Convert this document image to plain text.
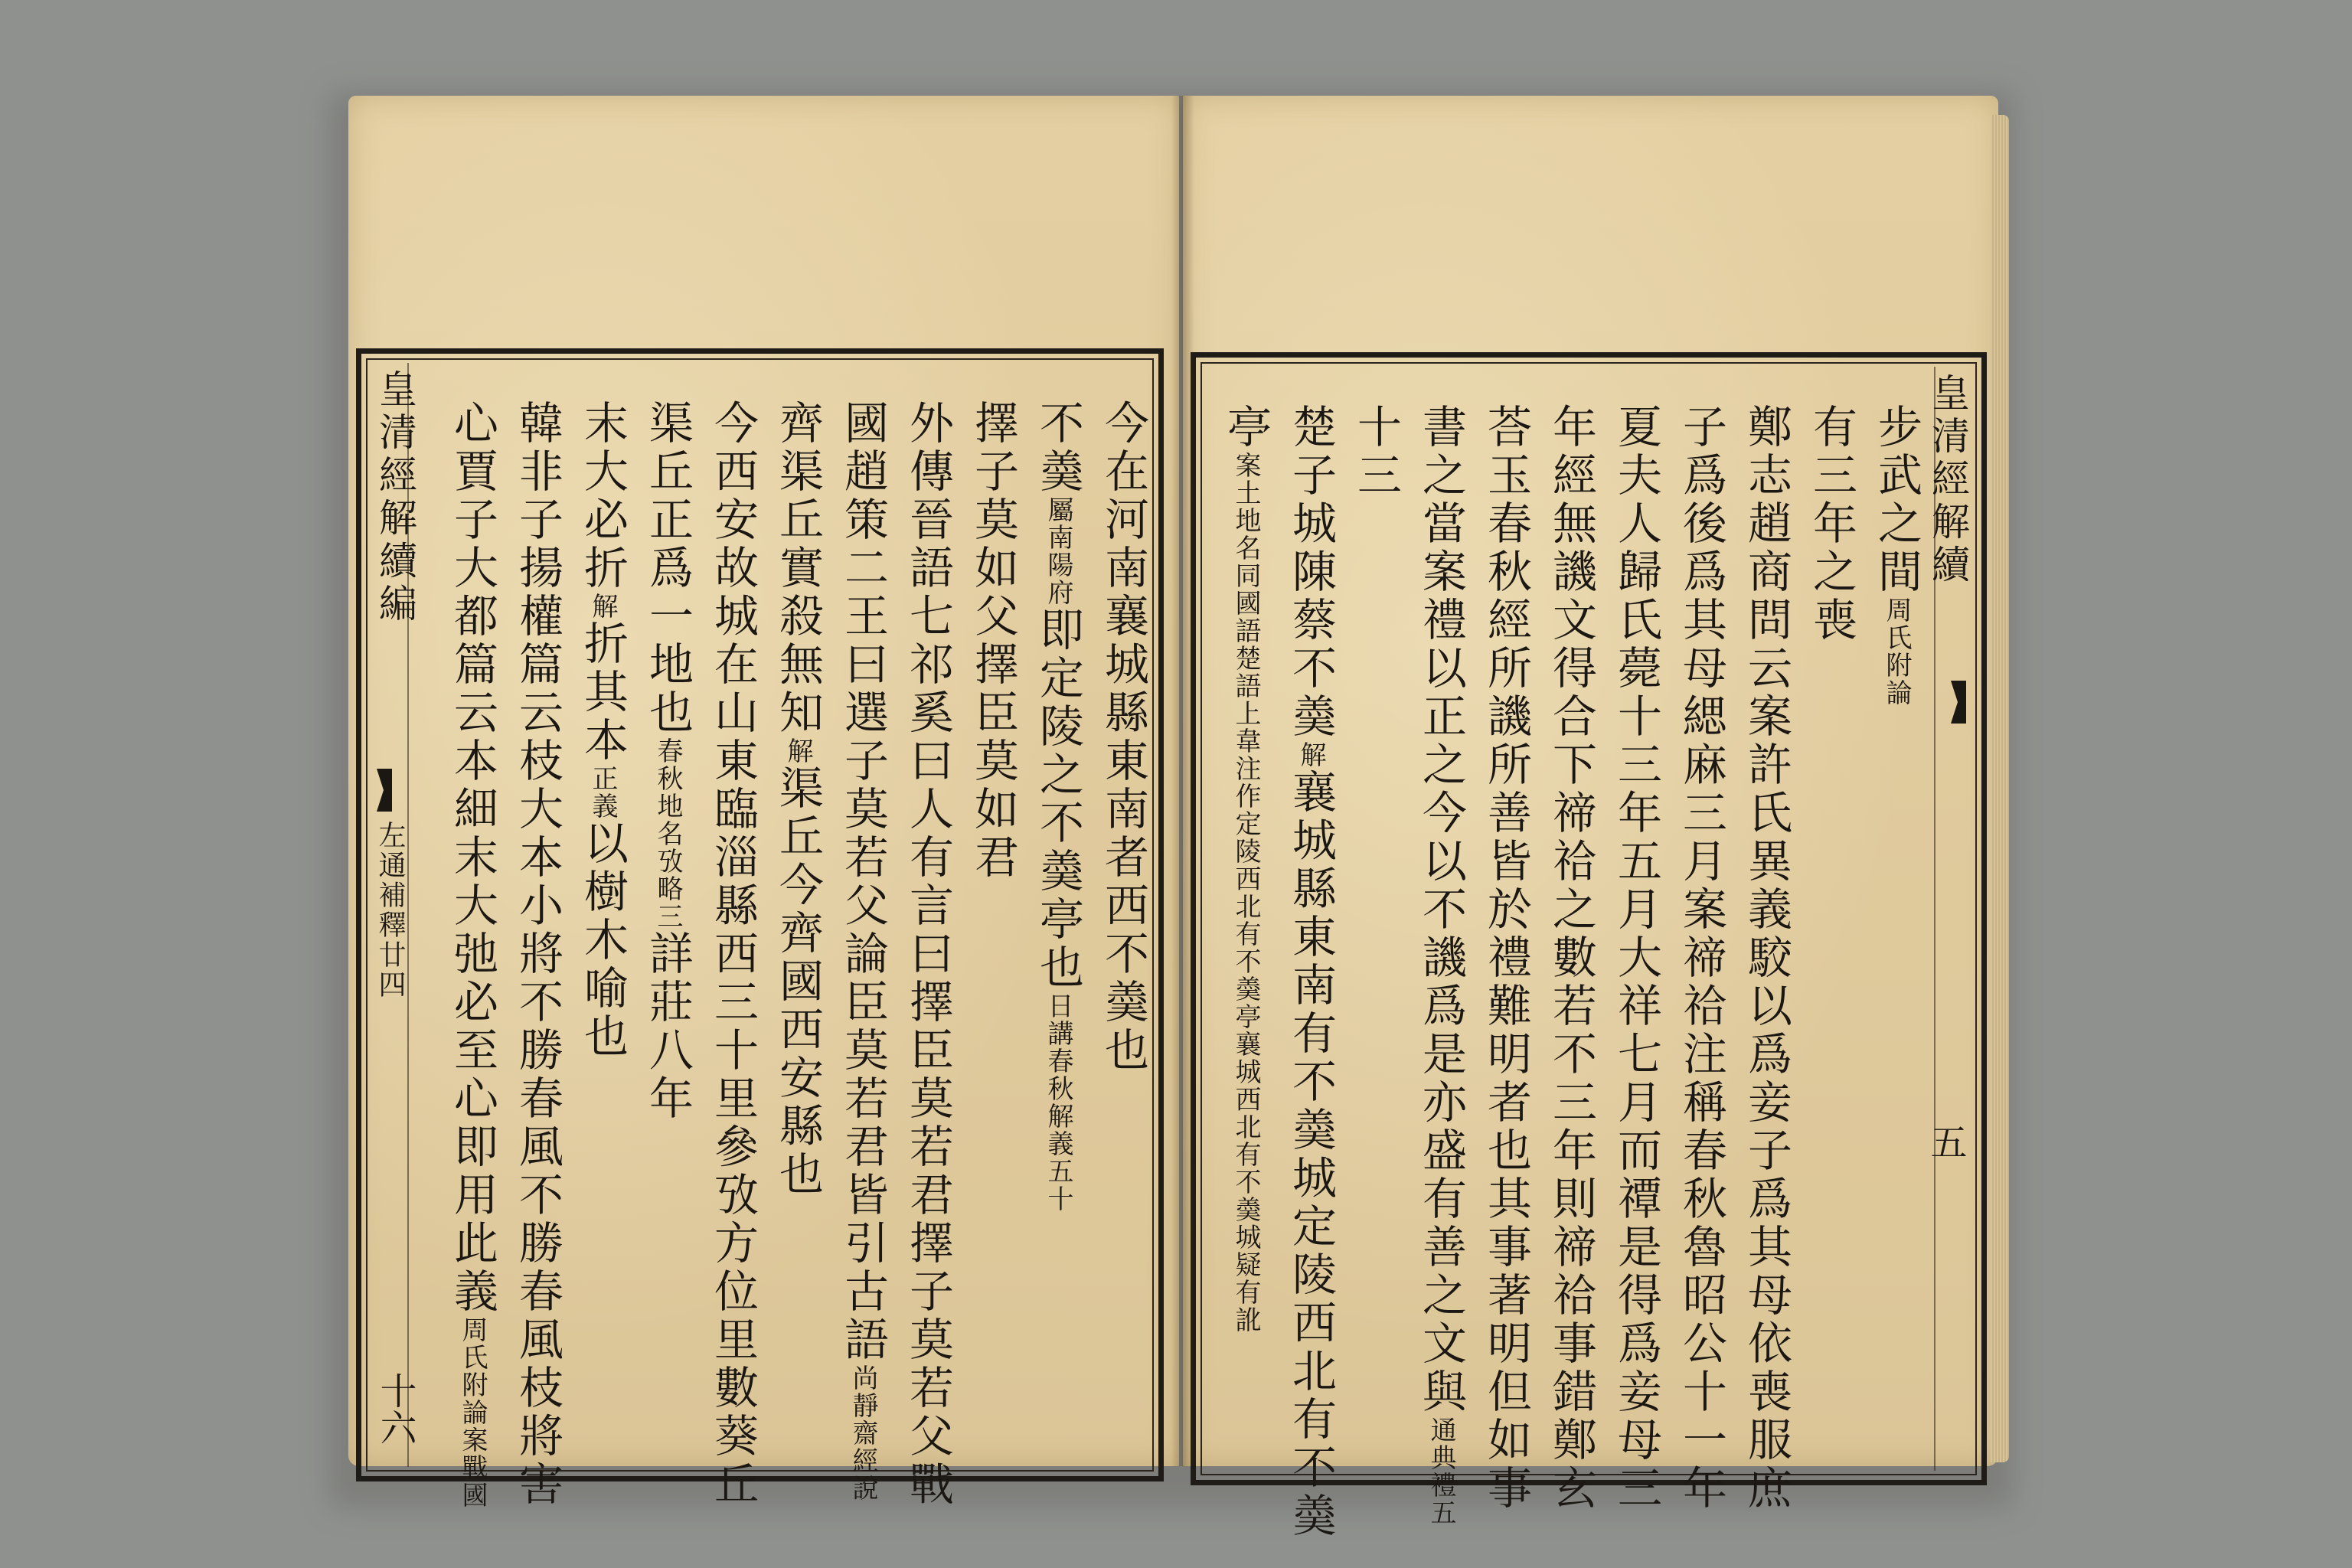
皇清經解續編
左通補釋廿四
十六
今在河南襄城縣東南者西不羮也
不羮
屬南陽府
即定陵之不羮亭也
日講春秋解義五十
擇子莫如父擇臣莫如君
外傳晉語七祁奚曰人有言曰擇臣莫若君擇子莫若父戰
國趙策二王曰選子莫若父論臣莫若君皆引古語
尚靜齋經說
齊渠丘實殺無知
解
渠丘今齊國西安縣也
今西安故城在山東臨淄縣西三十里參攷方位里數葵丘
渠丘正爲一地也
春秋地名攷略三
詳莊八年
末大必折
解
折其本
正義
以樹木喻也
韓非子揚權篇云枝大本小將不勝春風不勝春風枝將害
心賈子大都篇云本細末大弛必至心即用此義
周氏附論案戰國
皇清經解續
五
步武之間
周氏附論
有三年之喪
鄭志趙商問云案許氏異義駮以爲妾子爲其母依喪服庶
子爲後爲其母緦麻三月案禘祫注稱春秋魯昭公十一年
夏夫人歸氏薨十三年五月大祥七月而禫是得爲妾母三
年經無譏文得合下禘祫之數若不三年則禘祫事錯鄭玄
荅玉春秋經所譏所善皆於禮難明者也其事著明但如事
書之當案禮以正之今以不譏爲是亦盛有善之文與
通典禮五
十三
楚子城陳蔡不羮
解
襄城縣東南有不羮城定陵西北有不羮
亭
案土地名同國語楚語上韋注作定陵西北有不羮亭襄城西北有不羮城疑有訛
